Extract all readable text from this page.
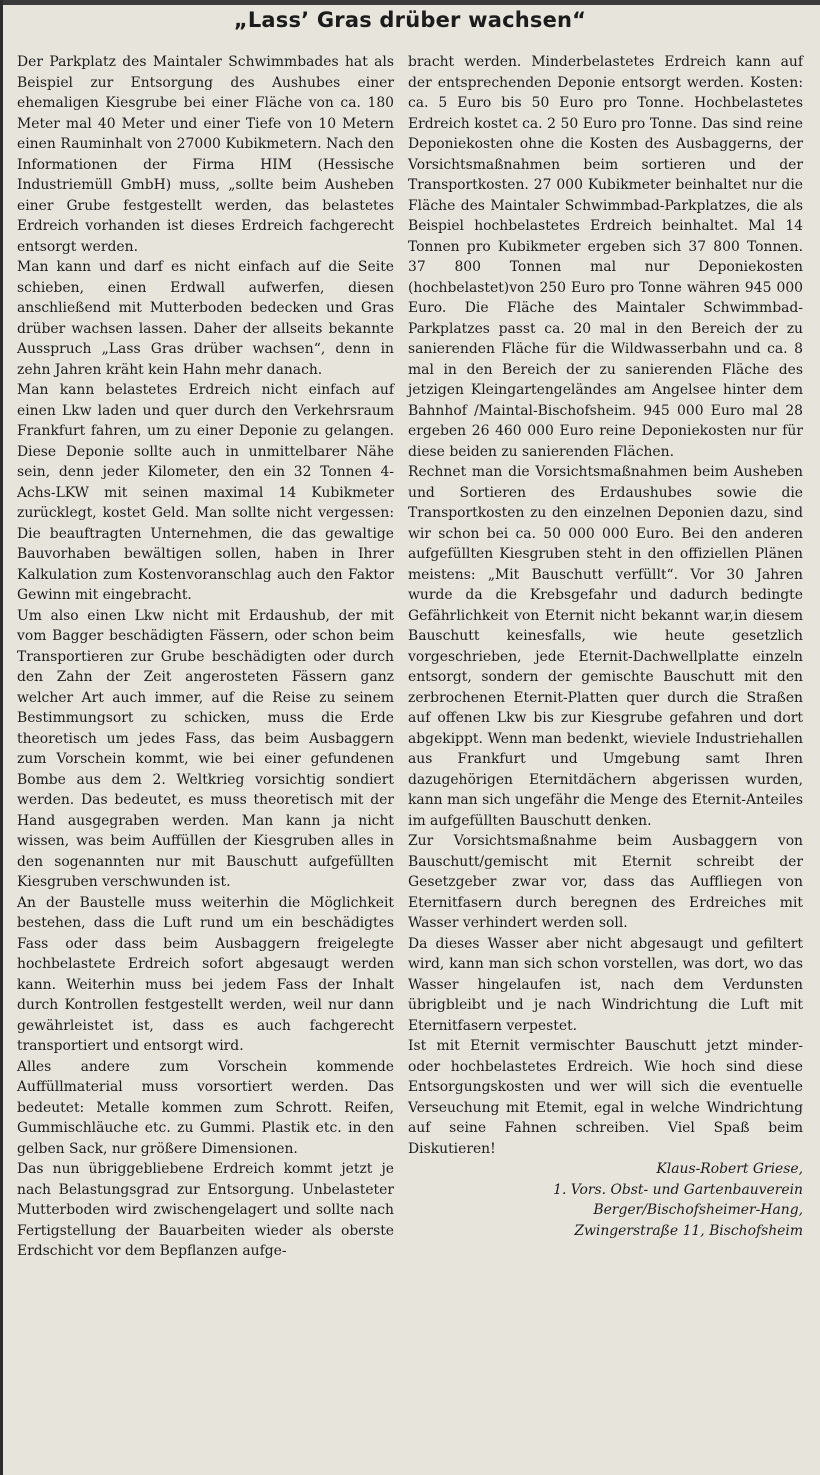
„Lass’ Gras drüber wachsen“

Der Parkplatz des Maintaler Schwimmbades hat als Beispiel zur Entsorgung des Aushubes einer ehemaligen Kiesgrube bei einer Fläche von ca. 180 Meter mal 40 Meter und einer Tiefe von 10 Metern einen Rauminhalt von 27000 Kubikmetern. Nach den Informationen der Firma HIM (Hessische Industriemüll GmbH) muss, „sollte beim Ausheben einer Grube festgestellt werden, das belastetes Erdreich vorhanden ist dieses Erdreich fachgerecht entsorgt werden.

Man kann und darf es nicht einfach auf die Seite schieben, einen Erdwall aufwerfen, diesen anschließend mit Mutterboden bedecken und Gras drüber wachsen lassen. Daher der allseits bekannte Ausspruch „Lass Gras drüber wachsen“, denn in zehn Jahren kräht kein Hahn mehr danach.

Man kann belastetes Erdreich nicht einfach auf einen Lkw laden und quer durch den Verkehrsraum Frankfurt fahren, um zu einer Deponie zu gelangen. Diese Deponie sollte auch in unmittelbarer Nähe sein, denn jeder Kilometer, den ein 32 Tonnen 4-Achs-LKW mit seinen maximal 14 Kubikmeter zurücklegt, kostet Geld. Man sollte nicht vergessen: Die beauftragten Unternehmen, die das gewaltige Bauvorhaben bewältigen sollen, haben in Ihrer Kalkulation zum Kostenvoranschlag auch den Faktor Gewinn mit eingebracht.

Um also einen Lkw nicht mit Erdaushub, der mit vom Bagger beschädigten Fässern, oder schon beim Transportieren zur Grube beschädigten oder durch den Zahn der Zeit angerosteten Fässern ganz welcher Art auch immer, auf die Reise zu seinem Bestimmungsort zu schicken, muss die Erde theoretisch um jedes Fass, das beim Ausbaggern zum Vorschein kommt, wie bei einer gefundenen Bombe aus dem 2. Weltkrieg vorsichtig sondiert werden. Das bedeutet, es muss theoretisch mit der Hand ausgegraben werden. Man kann ja nicht wissen, was beim Auffüllen der Kiesgruben alles in den sogenannten nur mit Bauschutt aufgefüllten Kiesgruben verschwunden ist.

An der Baustelle muss weiterhin die Möglichkeit bestehen, dass die Luft rund um ein beschädigtes Fass oder dass beim Ausbaggern freigelegte hochbelastete Erdreich sofort abgesaugt werden kann. Weiterhin muss bei jedem Fass der Inhalt durch Kontrollen festgestellt werden, weil nur dann gewährleistet ist, dass es auch fachgerecht transportiert und entsorgt wird.

Alles andere zum Vorschein kommende Auffüllmaterial muss vorsortiert werden. Das bedeutet: Metalle kommen zum Schrott. Reifen, Gummischläuche etc. zu Gummi. Plastik etc. in den gelben Sack, nur größere Dimensionen.

Das nun übriggebliebene Erdreich kommt jetzt je nach Belastungsgrad zur Entsorgung. Unbelasteter Mutterboden wird zwischengelagert und sollte nach Fertigstellung der Bauarbeiten wieder als oberste Erdschicht vor dem Bepflanzen aufge-

bracht werden. Minderbelastetes Erdreich kann auf der entsprechenden Deponie entsorgt werden. Kosten: ca. 5 Euro bis 50 Euro pro Tonne. Hochbelastetes Erdreich kostet ca. 2 50 Euro pro Tonne. Das sind reine Deponiekosten ohne die Kosten des Ausbaggerns, der Vorsichtsmaßnahmen beim sortieren und der Transportkosten. 27 000 Kubikmeter beinhaltet nur die Fläche des Maintaler Schwimmbad-Parkplatzes, die als Beispiel hochbelastetes Erdreich beinhaltet. Mal 14 Tonnen pro Kubikmeter ergeben sich 37 800 Tonnen. 37 800 Tonnen mal nur Deponiekosten (hochbelastet)von 250 Euro pro Tonne währen 945 000 Euro. Die Fläche des Maintaler Schwimmbad-Parkplatzes passt ca. 20 mal in den Bereich der zu sanierenden Fläche für die Wildwasserbahn und ca. 8 mal in den Bereich der zu sanierenden Fläche des jetzigen Kleingartengeländes am Angelsee hinter dem Bahnhof /Maintal-Bischofsheim. 945 000 Euro mal 28 ergeben 26 460 000 Euro reine Deponiekosten nur für diese beiden zu sanierenden Flächen.

Rechnet man die Vorsichtsmaßnahmen beim Ausheben und Sortieren des Erdaushubes sowie die Transportkosten zu den einzelnen Deponien dazu, sind wir schon bei ca. 50 000 000 Euro. Bei den anderen aufgefüllten Kiesgruben steht in den offiziellen Plänen meistens: „Mit Bauschutt verfüllt“. Vor 30 Jahren wurde da die Krebsgefahr und dadurch bedingte Gefährlichkeit von Eternit nicht bekannt war,in diesem Bauschutt keinesfalls, wie heute gesetzlich vorgeschrieben, jede Eternit-Dachwellplatte einzeln entsorgt, sondern der gemischte Bauschutt mit den zerbrochenen Eternit-Platten quer durch die Straßen auf offenen Lkw bis zur Kiesgrube gefahren und dort abgekippt. Wenn man bedenkt, wieviele Industriehallen aus Frankfurt und Umgebung samt Ihren dazugehörigen Eternitdächern abgerissen wurden, kann man sich ungefähr die Menge des Eternit-Anteiles im aufgefüllten Bauschutt denken.

Zur Vorsichtsmaßnahme beim Ausbaggern von Bauschutt/gemischt mit Eternit schreibt der Gesetzgeber zwar vor, dass das Auffliegen von Eternitfasern durch beregnen des Erdreiches mit Wasser verhindert werden soll.

Da dieses Wasser aber nicht abgesaugt und gefiltert wird, kann man sich schon vorstellen, was dort, wo das Wasser hingelaufen ist, nach dem Verdunsten übrigbleibt und je nach Windrichtung die Luft mit Eternitfasern verpestet.

Ist mit Eternit vermischter Bauschutt jetzt minder- oder hochbelastetes Erdreich. Wie hoch sind diese Entsorgungskosten und wer will sich die eventuelle Verseuchung mit Etemit, egal in welche Windrichtung auf seine Fahnen schreiben. Viel Spaß beim Diskutieren!

Klaus-Robert Griese,

1. Vors. Obst- und Gartenbauverein

Berger/Bischofsheimer-Hang,

Zwingerstraße 11, Bischofsheim
